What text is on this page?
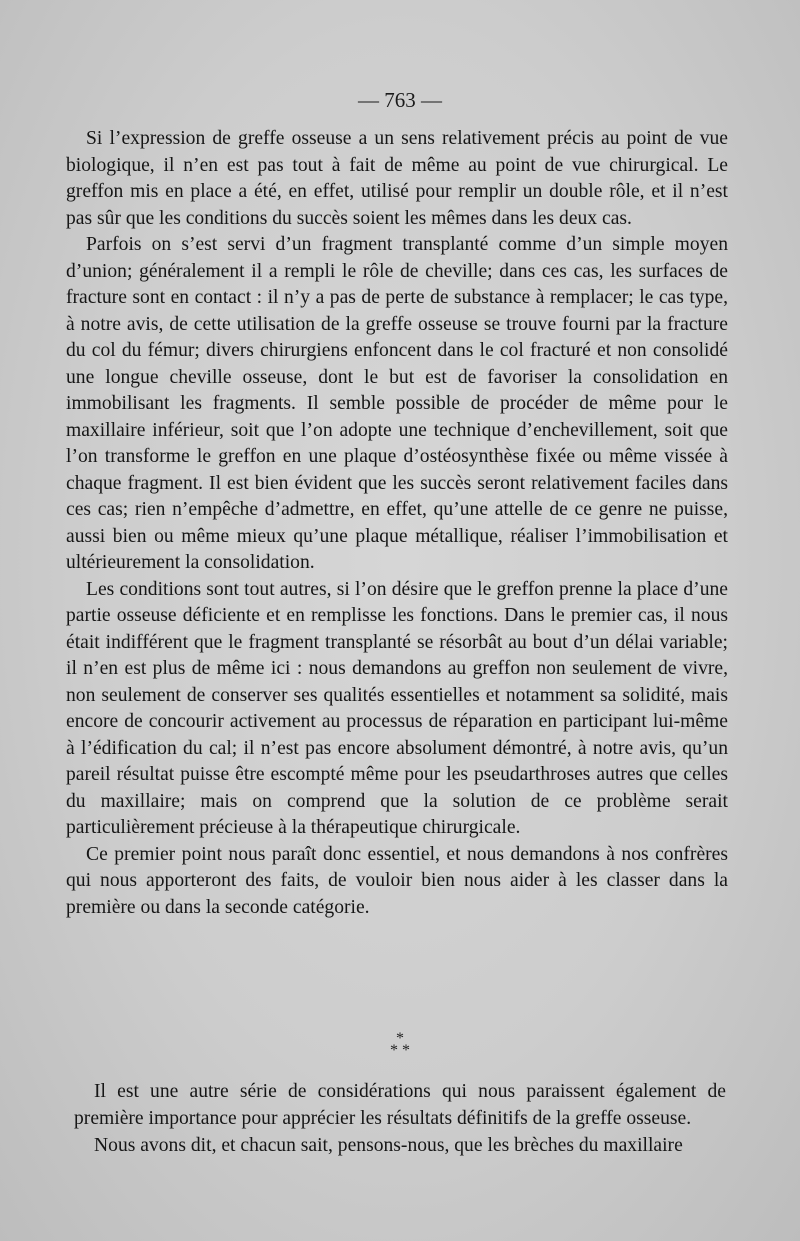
— 763 —

Si l’expression de greffe osseuse a un sens relativement précis au point de vue biologique, il n’en est pas tout à fait de même au point de vue chirurgical. Le greffon mis en place a été, en effet, utilisé pour remplir un double rôle, et il n’est pas sûr que les conditions du succès soient les mêmes dans les deux cas.

Parfois on s’est servi d’un fragment transplanté comme d’un simple moyen d’union; généralement il a rempli le rôle de cheville; dans ces cas, les surfaces de fracture sont en contact : il n’y a pas de perte de substance à remplacer; le cas type, à notre avis, de cette utilisation de la greffe osseuse se trouve fourni par la fracture du col du fémur; divers chirurgiens enfoncent dans le col fracturé et non consolidé une longue cheville osseuse, dont le but est de favoriser la consolidation en immobilisant les fragments. Il semble possible de procéder de même pour le maxillaire inférieur, soit que l’on adopte une technique d’enchevillement, soit que l’on transforme le greffon en une plaque d’ostéosynthèse fixée ou même vissée à chaque fragment. Il est bien évident que les succès seront relativement faciles dans ces cas; rien n’empêche d’admettre, en effet, qu’une attelle de ce genre ne puisse, aussi bien ou même mieux qu’une plaque métallique, réaliser l’immobilisation et ultérieurement la consolidation.

Les conditions sont tout autres, si l’on désire que le greffon prenne la place d’une partie osseuse déficiente et en remplisse les fonctions. Dans le premier cas, il nous était indifférent que le fragment transplanté se résorbât au bout d’un délai variable; il n’en est plus de même ici : nous demandons au greffon non seulement de vivre, non seulement de conserver ses qualités essentielles et notamment sa solidité, mais encore de concourir activement au processus de réparation en participant lui-même à l’édification du cal; il n’est pas encore absolument démontré, à notre avis, qu’un pareil résultat puisse être escompté même pour les pseudarthroses autres que celles du maxillaire; mais on comprend que la solution de ce problème serait particulièrement précieuse à la thérapeutique chirurgicale.

Ce premier point nous paraît donc essentiel, et nous demandons à nos confrères qui nous apporteront des faits, de vouloir bien nous aider à les classer dans la première ou dans la seconde catégorie.

*
* *

Il est une autre série de considérations qui nous paraissent également de première importance pour apprécier les résultats définitifs de la greffe osseuse.

Nous avons dit, et chacun sait, pensons-nous, que les brèches du maxillaire
